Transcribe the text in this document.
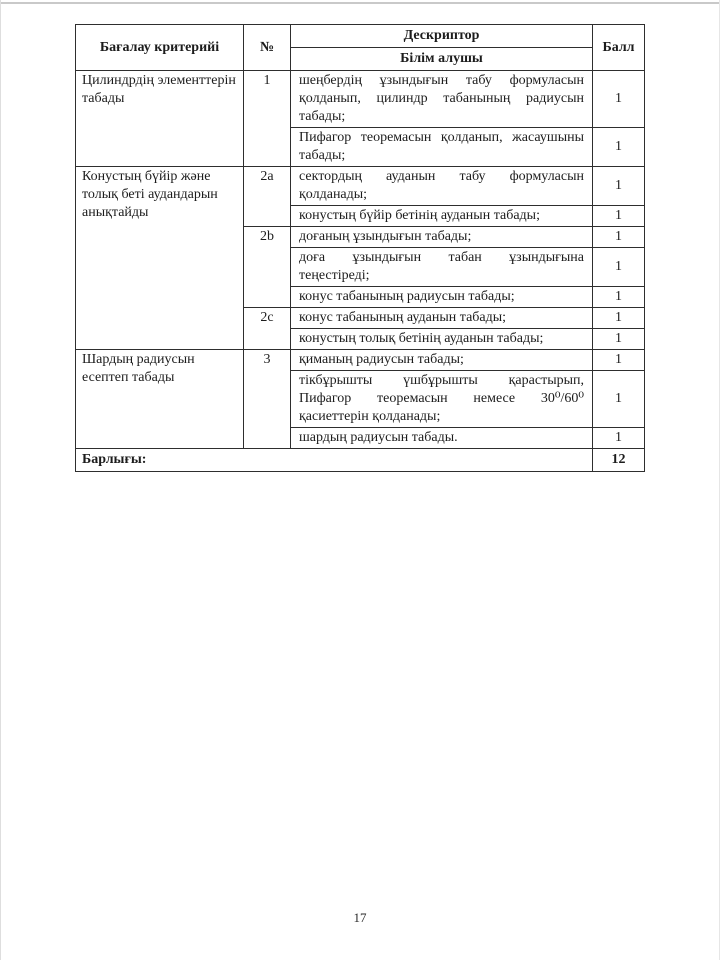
Бағалау критерийі	№	Дескриптор	Балл
		Білім алушы	
Цилиндрдің элементтерін табады	1	шеңбердің ұзындығын табу формуласын
қолданып, цилиндр табанының радиусын
табады;	1

		Пифагор теоремасын қолданып, жасаушыны
табады;	1
Конустың бүйір және толық беті аудандарын анықтайды	2a	сектордың ауданын табу формуласын
қолданады;	1
		конустың бүйір бетінің ауданын табады;	1
	2b	доғаның ұзындығын табады;	1

		доға ұзындығын табан ұзындығына
теңестіреді;	1
		конус табанының радиусын табады;	1
	2c	конус табанының ауданын табады;	1
		конустың толық бетінің ауданын табады;	1
Шардың радиусын есептеп табады	3	қиманың радиусын табады;	1

		тікбұрышты үшбұрышты қарастырып,
Пифагор теоремасын немесе 30⁰/60⁰
қасиеттерін қолданады;	1
		шардың радиусын табады.	1
Барлығы:			12
17
